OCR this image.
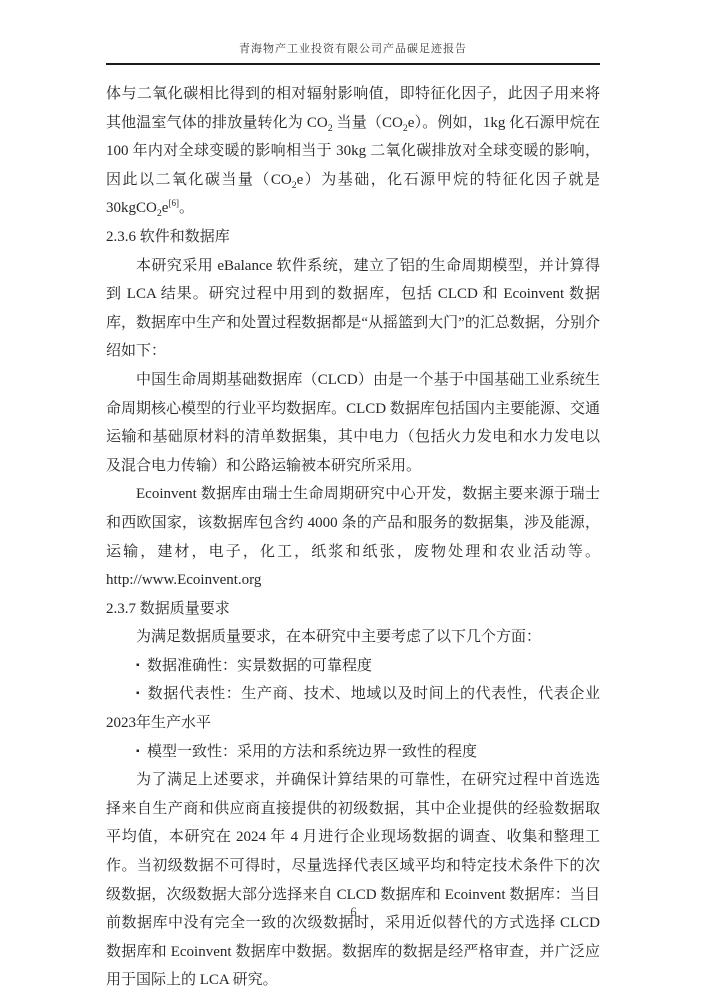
青海物产工业投资有限公司产品碳足迹报告

体与二氧化碳相比得到的相对辐射影响值，即特征化因子，此因子用来将其他温室气体的排放量转化为 $CO_2$ 当量$(CO_2e)$。例如，1kg 化石源甲烷在 100 年内对全球变暖的影响相当于 30kg 二氧化碳排放对全球变暖的影响，因此以二氧化碳当量$(CO_2e)$为基础，化石源甲烷的特征化因子就是 30kgCO$_2$e[6]。

2.3.6 软件和数据库

本研究采用 eBalance 软件系统，建立了铝的生命周期模型，并计算得到 LCA 结果。研究过程中用到的数据库，包括 CLCD 和 Ecoinvent 数据库，数据库中生产和处置过程数据都是“从摇篮到大门”的汇总数据，分别介绍如下：

中国生命周期基础数据库（CLCD）由是一个基于中国基础工业系统生命周期核心模型的行业平均数据库。CLCD 数据库包括国内主要能源、交通运输和基础原材料的清单数据集，其中电力（包括火力发电和水力发电以及混合电力传输）和公路运输被本研究所采用。

Ecoinvent 数据库由瑞士生命周期研究中心开发，数据主要来源于瑞士和西欧国家，该数据库包含约 4000 条的产品和服务的数据集，涉及能源，运输，建材，电子，化工，纸浆和纸张，废物处理和农业活动等。http://www.Ecoinvent.org

2.3.7 数据质量要求

为满足数据质量要求，在本研究中主要考虑了以下几个方面：

▪ 数据准确性：实景数据的可靠程度

▪ 数据代表性：生产商、技术、地域以及时间上的代表性，代表企业2023年生产水平

▪ 模型一致性：采用的方法和系统边界一致性的程度

为了满足上述要求，并确保计算结果的可靠性，在研究过程中首选选择来自生产商和供应商直接提供的初级数据，其中企业提供的经验数据取平均值，本研究在 2024 年 4 月进行企业现场数据的调查、收集和整理工作。当初级数据不可得时，尽量选择代表区域平均和特定技术条件下的次级数据，次级数据大部分选择来自 CLCD 数据库和 Ecoinvent 数据库：当目前数据库中没有完全一致的次级数据时，采用近似替代的方式选择 CLCD 数据库和 Ecoinvent 数据库中数据。数据库的数据是经严格审查，并广泛应用于国际上的 LCA 研究。

6
